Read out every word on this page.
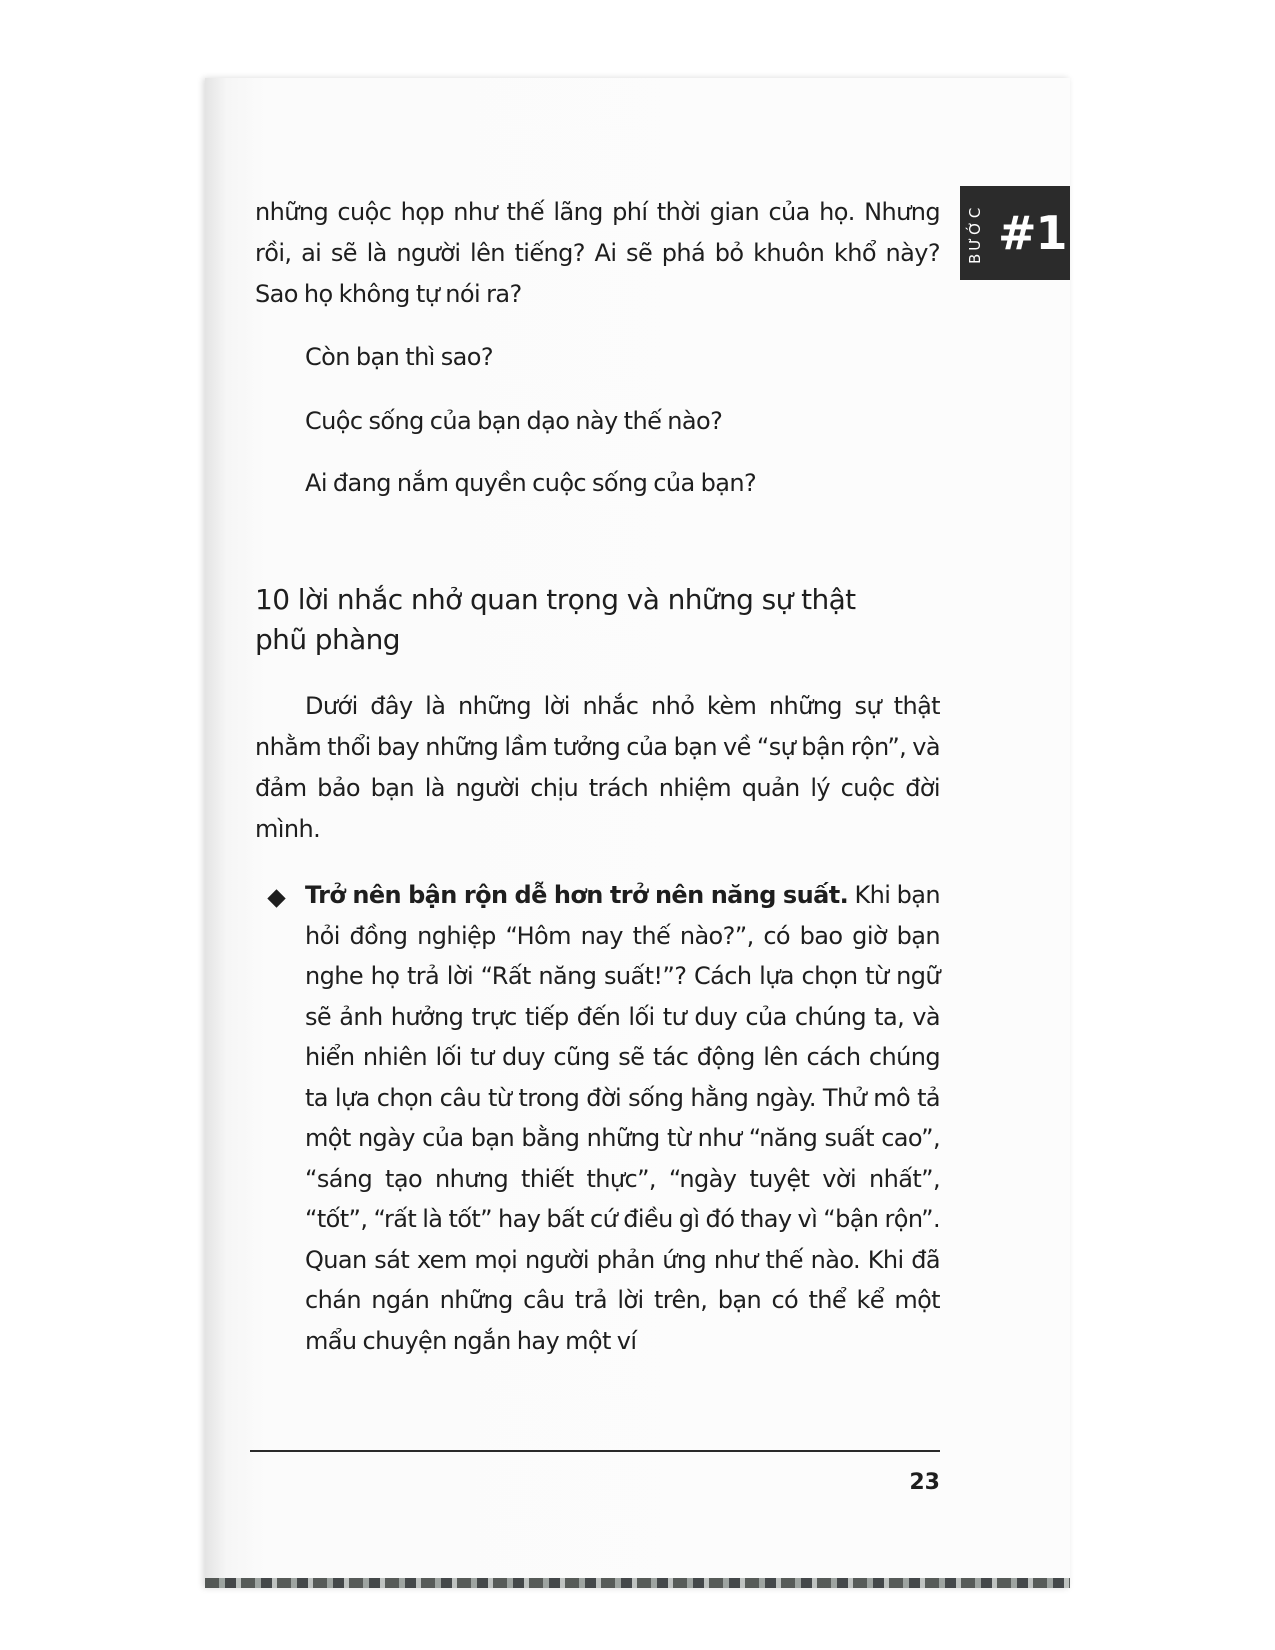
BƯỚC #1
những cuộc họp như thế lãng phí thời gian của họ. Nhưng rồi, ai sẽ là người lên tiếng? Ai sẽ phá bỏ khuôn khổ này? Sao họ không tự nói ra?
Còn bạn thì sao?
Cuộc sống của bạn dạo này thế nào?
Ai đang nắm quyền cuộc sống của bạn?
10 lời nhắc nhở quan trọng và những sự thật phũ phàng
Dưới đây là những lời nhắc nhỏ kèm những sự thật nhằm thổi bay những lầm tưởng của bạn về “sự bận rộn”, và đảm bảo bạn là người chịu trách nhiệm quản lý cuộc đời mình.
Trở nên bận rộn dễ hơn trở nên năng suất. Khi bạn hỏi đồng nghiệp “Hôm nay thế nào?”, có bao giờ bạn nghe họ trả lời “Rất năng suất!”? Cách lựa chọn từ ngữ sẽ ảnh hưởng trực tiếp đến lối tư duy của chúng ta, và hiển nhiên lối tư duy cũng sẽ tác động lên cách chúng ta lựa chọn câu từ trong đời sống hằng ngày. Thử mô tả một ngày của bạn bằng những từ như “năng suất cao”, “sáng tạo nhưng thiết thực”, “ngày tuyệt vời nhất”, “tốt”, “rất là tốt” hay bất cứ điều gì đó thay vì “bận rộn”. Quan sát xem mọi người phản ứng như thế nào. Khi đã chán ngán những câu trả lời trên, bạn có thể kể một mẩu chuyện ngắn hay một ví
23
